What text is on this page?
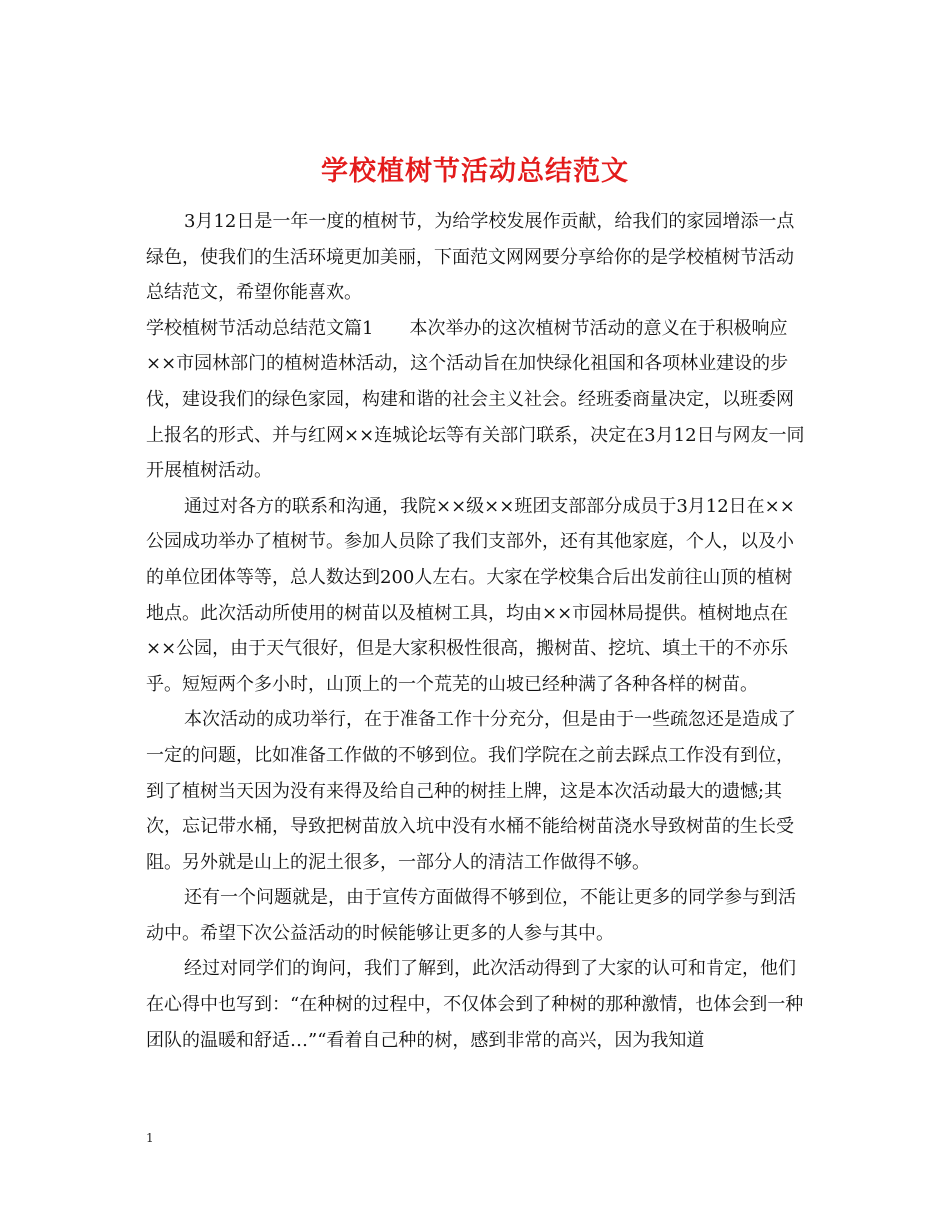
学校植树节活动总结范文

3月12日是一年一度的植树节，为给学校发展作贡献，给我们的家园增添一点绿色，使我们的生活环境更加美丽，下面范文网网要分享给你的是学校植树节活动总结范文，希望你能喜欢。

学校植树节活动总结范文篇1　　本次举办的这次植树节活动的意义在于积极响应××市园林部门的植树造林活动，这个活动旨在加快绿化祖国和各项林业建设的步伐，建设我们的绿色家园，构建和谐的社会主义社会。经班委商量决定，以班委网上报名的形式、并与红网××连城论坛等有关部门联系，决定在3月12日与网友一同开展植树活动。

通过对各方的联系和沟通，我院××级××班团支部部分成员于3月12日在××公园成功举办了植树节。参加人员除了我们支部外，还有其他家庭，个人，以及小的单位团体等等，总人数达到200人左右。大家在学校集合后出发前往山顶的植树地点。此次活动所使用的树苗以及植树工具，均由××市园林局提供。植树地点在××公园，由于天气很好，但是大家积极性很高，搬树苗、挖坑、填土干的不亦乐乎。短短两个多小时，山顶上的一个荒芜的山坡已经种满了各种各样的树苗。

本次活动的成功举行，在于准备工作十分充分，但是由于一些疏忽还是造成了一定的问题，比如准备工作做的不够到位。我们学院在之前去踩点工作没有到位，到了植树当天因为没有来得及给自己种的树挂上牌，这是本次活动最大的遗憾;其次，忘记带水桶，导致把树苗放入坑中没有水桶不能给树苗浇水导致树苗的生长受阻。另外就是山上的泥土很多，一部分人的清洁工作做得不够。

还有一个问题就是，由于宣传方面做得不够到位，不能让更多的同学参与到活动中。希望下次公益活动的时候能够让更多的人参与其中。

经过对同学们的询问，我们了解到，此次活动得到了大家的认可和肯定，他们在心得中也写到：“在种树的过程中，不仅体会到了种树的那种激情，也体会到一种团队的温暖和舒适…”“看着自己种的树，感到非常的高兴，因为我知道

1
